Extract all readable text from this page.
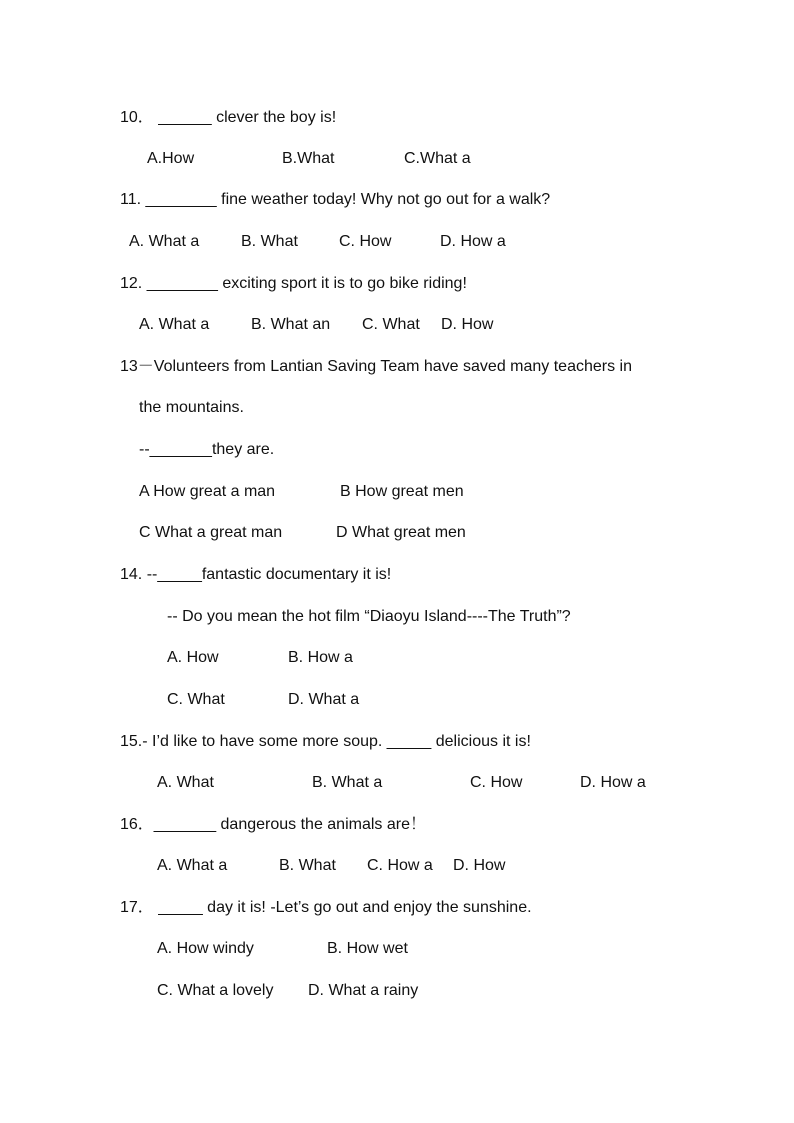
10． ______ clever the boy is!
A.How	B.What	C.What a
11. ________ fine weather today! Why not go out for a walk?
A. What a	B. What	C. How	D. How a
12. ________ exciting sport it is to go bike riding!
A. What a	B. What an C. What D. How
13－Volunteers from Lantian Saving Team have saved many teachers in
the mountains.
--_______they are.
A How great a man	B How great men
C What a great man	D What great men
14. --_____fantastic documentary it is!
-- Do you mean the hot film “Diaoyu Island----The Truth”?
A. How	B. How a
C. What	D. What a
15.- I’d like to have some more soup. _____ delicious it is!
A. What	B. What a	C. How	D. How a
16．_______ dangerous the animals are！
A. What a	B. What C. How a D. How
17． _____ day it is! -Let’s go out and enjoy the sunshine.
A. How windy	B. How wet
C. What a lovely D. What a rainy
